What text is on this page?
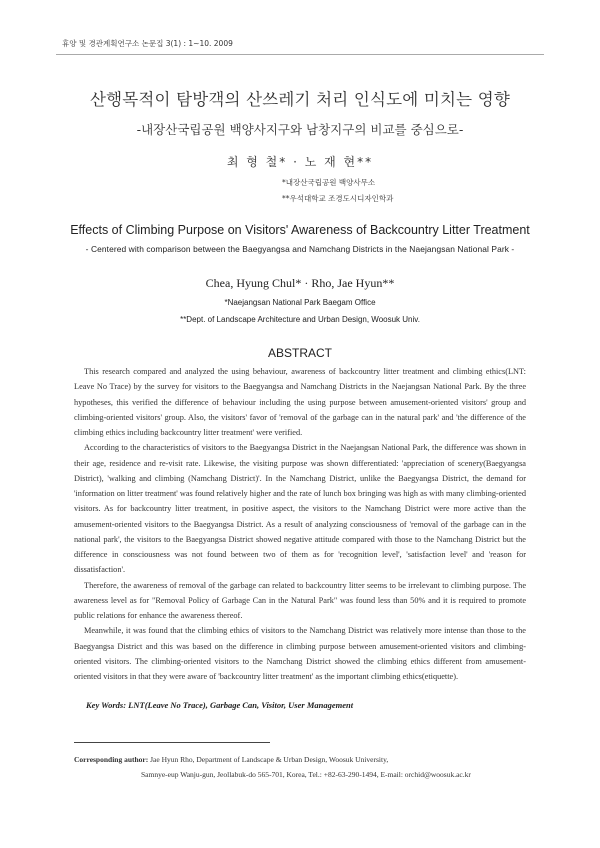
휴양 및 경관계획연구소 논문집 3(1) : 1~10. 2009
산행목적이 탐방객의 산쓰레기 처리 인식도에 미치는 영향
-내장산국립공원 백양사지구와 남창지구의 비교를 중심으로-
최 형 철* · 노 재 현**
*내장산국립공원 백양사무소
**우석대학교 조경도시디자인학과
Effects of Climbing Purpose on Visitors' Awareness of Backcountry Litter Treatment
- Centered with comparison between the Baegyangsa and Namchang Districts in the Naejangsan National Park -
Chea, Hyung Chul* · Rho, Jae Hyun**
*Naejangsan National Park Baegam Office
**Dept. of Landscape Architecture and Urban Design, Woosuk Univ.
ABSTRACT

This research compared and analyzed the using behaviour, awareness of backcountry litter treatment and climbing ethics(LNT: Leave No Trace) by the survey for visitors to the Baegyangsa and Namchang Districts in the Naejangsan National Park. By the three hypotheses, this verified the difference of behaviour including the using purpose between amusement-oriented visitors' group and climbing-oriented visitors' group. Also, the visitors' favor of 'removal of the garbage can in the natural park' and 'the difference of the climbing ethics including backcountry litter treatment' were verified.

According to the characteristics of visitors to the Baegyangsa District in the Naejangsan National Park, the difference was shown in their age, residence and re-visit rate. Likewise, the visiting purpose was shown differentiated: 'appreciation of scenery(Baegyangsa District), 'walking and climbing (Namchang District)'. In the Namchang District, unlike the Baegyangsa District, the demand for 'information on litter treatment' was found relatively higher and the rate of lunch box bringing was high as with many climbing-oriented visitors. As for backcountry litter treatment, in positive aspect, the visitors to the Namchang District were more active than the amusement-oriented visitors to the Baegyangsa District. As a result of analyzing consciousness of 'removal of the garbage can in the national park', the visitors to the Baegyangsa District showed negative attitude compared with those to the Namchang District but the difference in consciousness was not found between two of them as for 'recognition level', 'satisfaction level' and 'reason for dissatisfaction'.

Therefore, the awareness of removal of the garbage can related to backcountry litter seems to be irrelevant to climbing purpose. The awareness level as for "Removal Policy of Garbage Can in the Natural Park" was found less than 50% and it is required to promote public relations for enhance the awareness thereof.

Meanwhile, it was found that the climbing ethics of visitors to the Namchang District was relatively more intense than those to the Baegyangsa District and this was based on the difference in climbing purpose between amusement-oriented visitors and climbing-oriented visitors. The climbing-oriented visitors to the Namchang District showed the climbing ethics different from amusement-oriented visitors in that they were aware of 'backcountry litter treatment' as the important climbing ethics(etiquette).

Key Words: LNT(Leave No Trace), Garbage Can, Visitor, User Management
Corresponding author: Jae Hyun Rho, Department of Landscape & Urban Design, Woosuk University,
Samnye-eup Wanju-gun, Jeollabuk-do 565-701, Korea, Tel.: +82-63-290-1494, E-mail: orchid@woosuk.ac.kr
